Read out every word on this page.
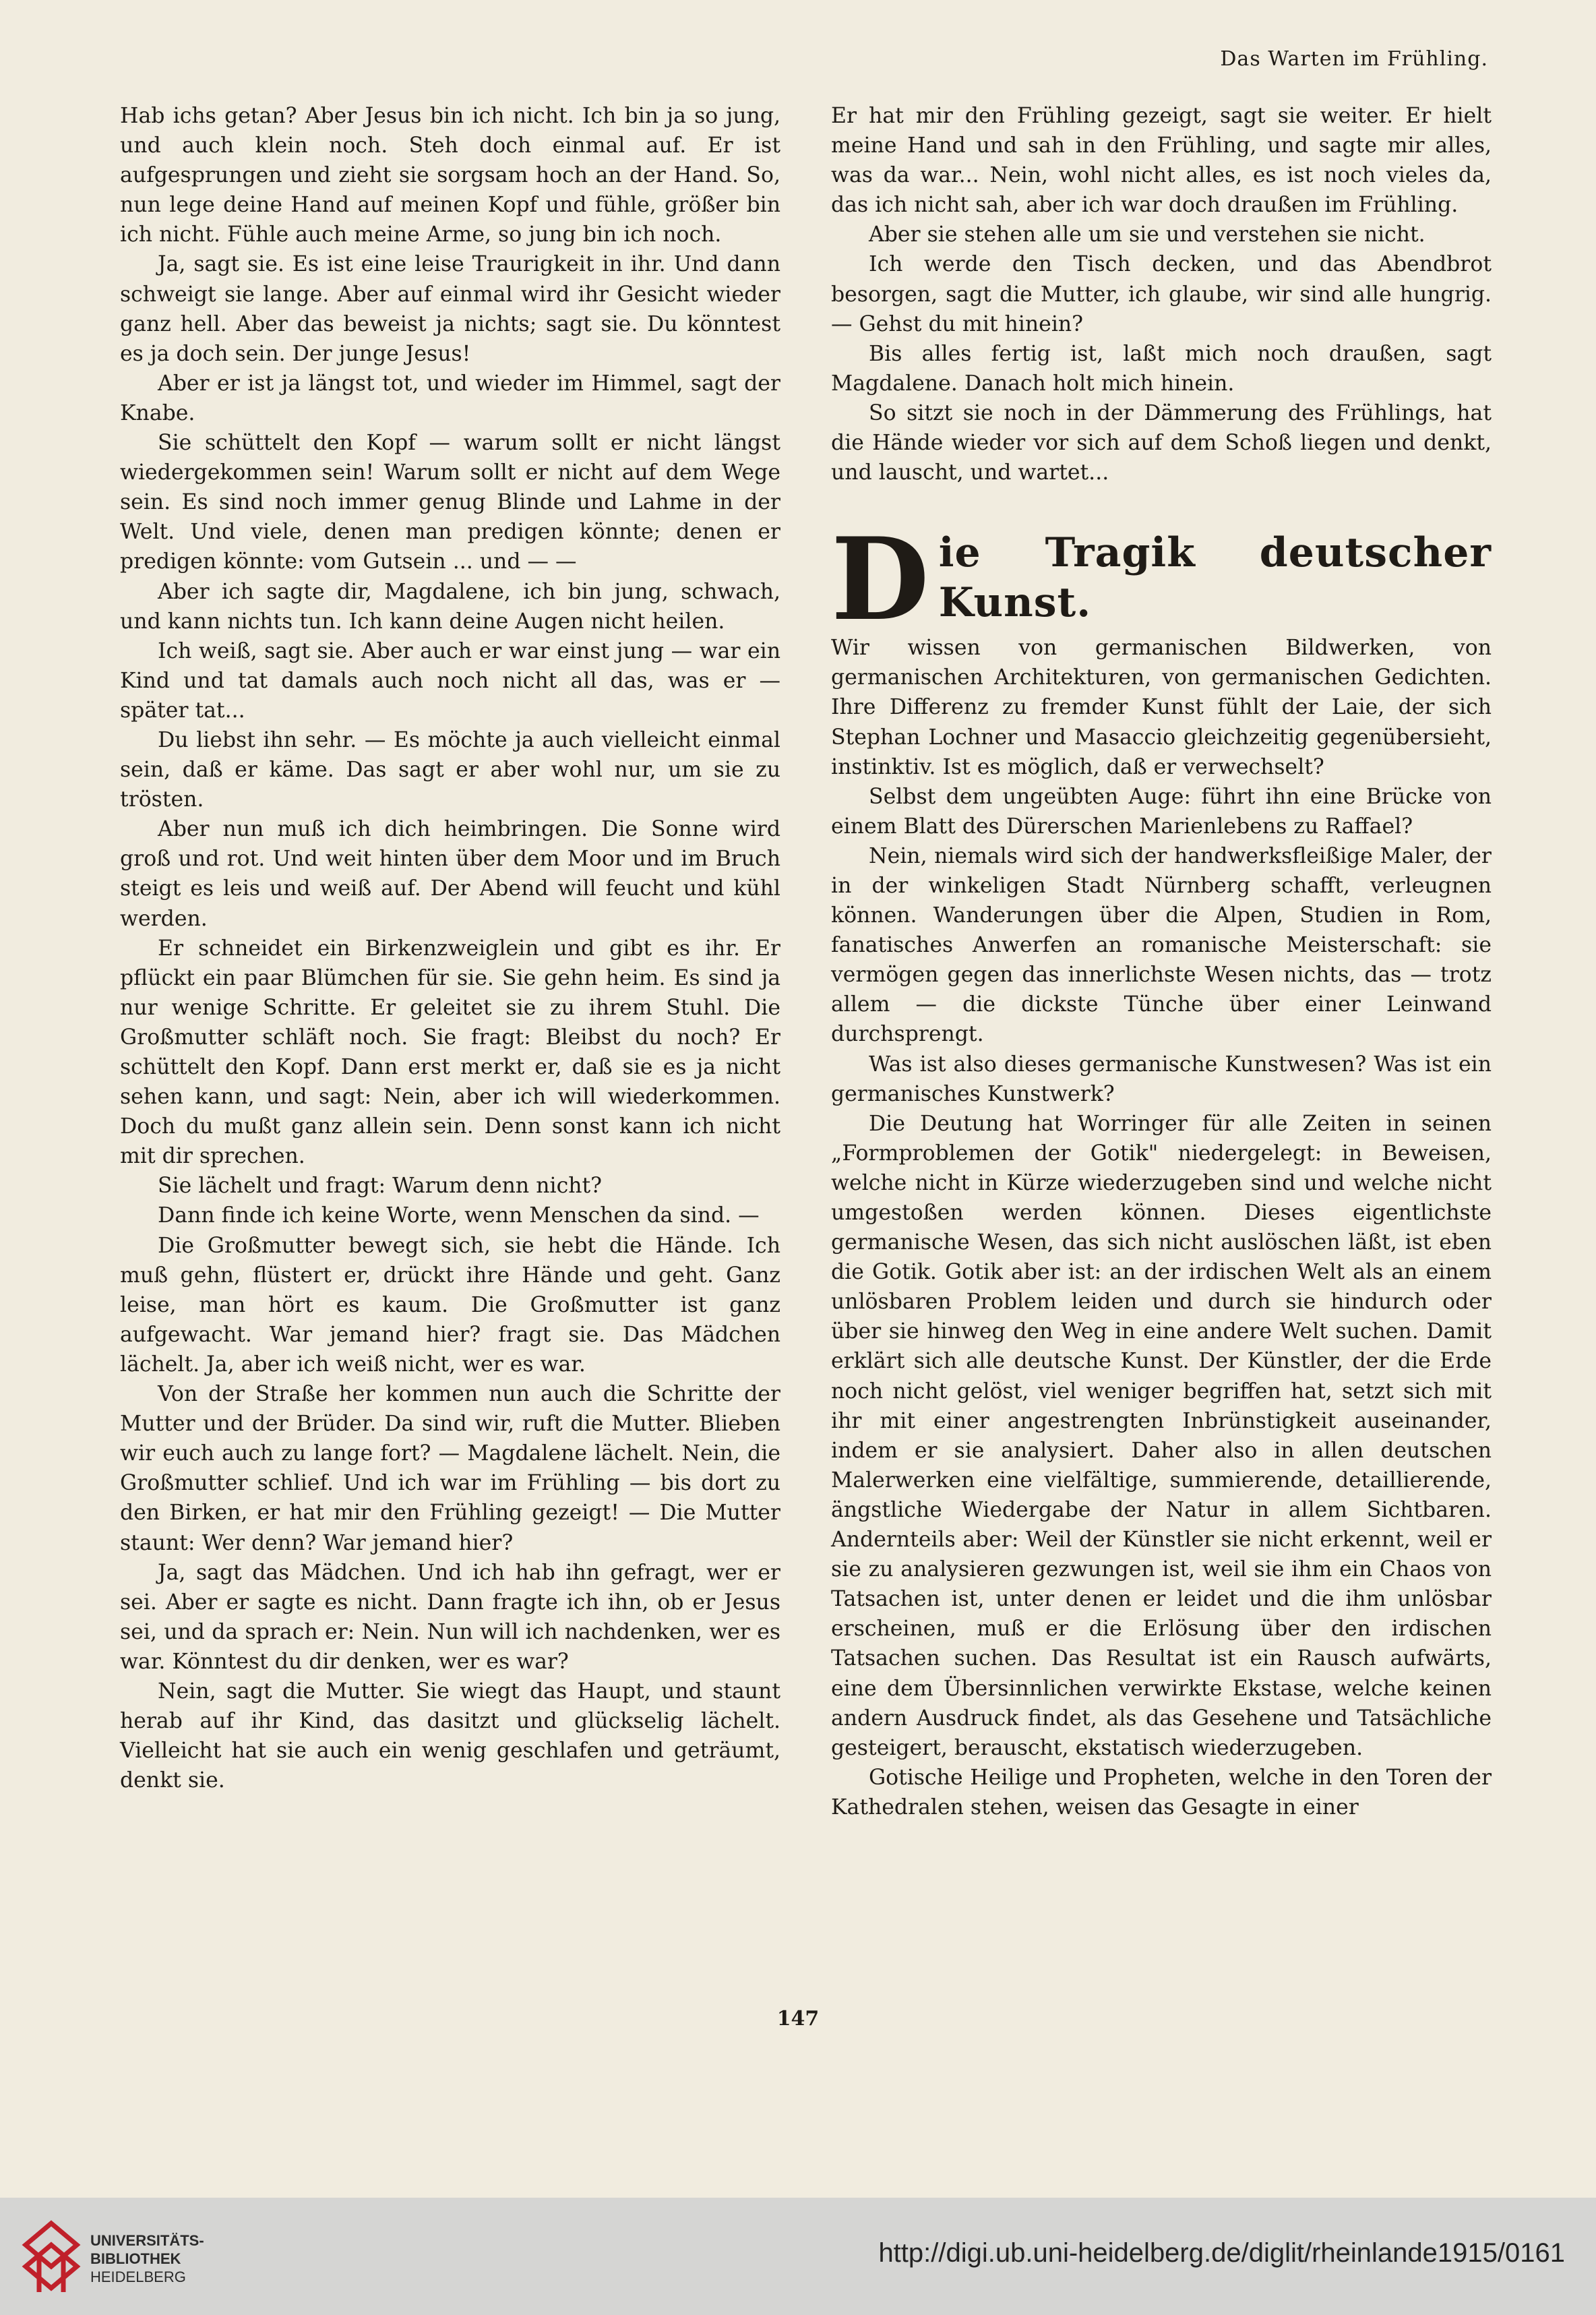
Das Warten im Frühling.

Hab ichs getan? Aber Jesus bin ich nicht. Ich bin ja so jung, und auch klein noch. Steh doch einmal auf. Er ist aufgesprungen und zieht sie sorgsam hoch an der Hand. So, nun lege deine Hand auf meinen Kopf und fühle, größer bin ich nicht. Fühle auch meine Arme, so jung bin ich noch.

Ja, sagt sie. Es ist eine leise Traurigkeit in ihr. Und dann schweigt sie lange. Aber auf einmal wird ihr Gesicht wieder ganz hell. Aber das beweist ja nichts; sagt sie. Du könntest es ja doch sein. Der junge Jesus!

Aber er ist ja längst tot, und wieder im Himmel, sagt der Knabe.

Sie schüttelt den Kopf — warum sollt er nicht längst wiedergekommen sein! Warum sollt er nicht auf dem Wege sein. Es sind noch immer genug Blinde und Lahme in der Welt. Und viele, denen man predigen könnte; denen er predigen könnte: vom Gutsein ... und — —

Aber ich sagte dir, Magdalene, ich bin jung, schwach, und kann nichts tun. Ich kann deine Augen nicht heilen.

Ich weiß, sagt sie. Aber auch er war einst jung — war ein Kind und tat damals auch noch nicht all das, was er — später tat...

Du liebst ihn sehr. — Es möchte ja auch vielleicht einmal sein, daß er käme. Das sagt er aber wohl nur, um sie zu trösten.

Aber nun muß ich dich heimbringen. Die Sonne wird groß und rot. Und weit hinten über dem Moor und im Bruch steigt es leis und weiß auf. Der Abend will feucht und kühl werden.

Er schneidet ein Birkenzweiglein und gibt es ihr. Er pflückt ein paar Blümchen für sie. Sie gehn heim. Es sind ja nur wenige Schritte. Er geleitet sie zu ihrem Stuhl. Die Großmutter schläft noch. Sie fragt: Bleibst du noch? Er schüttelt den Kopf. Dann erst merkt er, daß sie es ja nicht sehen kann, und sagt: Nein, aber ich will wiederkommen. Doch du mußt ganz allein sein. Denn sonst kann ich nicht mit dir sprechen.

Sie lächelt und fragt: Warum denn nicht?

Dann finde ich keine Worte, wenn Menschen da sind. —

Die Großmutter bewegt sich, sie hebt die Hände. Ich muß gehn, flüstert er, drückt ihre Hände und geht. Ganz leise, man hört es kaum. Die Großmutter ist ganz aufgewacht. War jemand hier? fragt sie. Das Mädchen lächelt. Ja, aber ich weiß nicht, wer es war.

Von der Straße her kommen nun auch die Schritte der Mutter und der Brüder. Da sind wir, ruft die Mutter. Blieben wir euch auch zu lange fort? — Magdalene lächelt. Nein, die Großmutter schlief. Und ich war im Frühling — bis dort zu den Birken, er hat mir den Frühling gezeigt! — Die Mutter staunt: Wer denn? War jemand hier?

Ja, sagt das Mädchen. Und ich hab ihn gefragt, wer er sei. Aber er sagte es nicht. Dann fragte ich ihn, ob er Jesus sei, und da sprach er: Nein. Nun will ich nachdenken, wer es war. Könntest du dir denken, wer es war?

Nein, sagt die Mutter. Sie wiegt das Haupt, und staunt herab auf ihr Kind, das dasitzt und glückselig lächelt. Vielleicht hat sie auch ein wenig geschlafen und geträumt, denkt sie.

Er hat mir den Frühling gezeigt, sagt sie weiter. Er hielt meine Hand und sah in den Frühling, und sagte mir alles, was da war... Nein, wohl nicht alles, es ist noch vieles da, das ich nicht sah, aber ich war doch draußen im Frühling.

Aber sie stehen alle um sie und verstehen sie nicht.

Ich werde den Tisch decken, und das Abendbrot besorgen, sagt die Mutter, ich glaube, wir sind alle hungrig. — Gehst du mit hinein?

Bis alles fertig ist, laßt mich noch draußen, sagt Magdalene. Danach holt mich hinein.

So sitzt sie noch in der Dämmerung des Frühlings, hat die Hände wieder vor sich auf dem Schoß liegen und denkt, und lauscht, und wartet...

D ie Tragik deutscher Kunst.

Wir wissen von germanischen Bildwerken, von germanischen Architekturen, von germanischen Gedichten. Ihre Differenz zu fremder Kunst fühlt der Laie, der sich Stephan Lochner und Masaccio gleichzeitig gegenübersieht, instinktiv. Ist es möglich, daß er verwechselt?

Selbst dem ungeübten Auge: führt ihn eine Brücke von einem Blatt des Dürerschen Marienlebens zu Raffael?

Nein, niemals wird sich der handwerksfleißige Maler, der in der winkeligen Stadt Nürnberg schafft, verleugnen können. Wanderungen über die Alpen, Studien in Rom, fanatisches Anwerfen an romanische Meisterschaft: sie vermögen gegen das innerlichste Wesen nichts, das — trotz allem — die dickste Tünche über einer Leinwand durchsprengt.

Was ist also dieses germanische Kunstwesen? Was ist ein germanisches Kunstwerk?

Die Deutung hat Worringer für alle Zeiten in seinen „Formproblemen der Gotik" niedergelegt: in Beweisen, welche nicht in Kürze wiederzugeben sind und welche nicht umgestoßen werden können. Dieses eigentlichste germanische Wesen, das sich nicht auslöschen läßt, ist eben die Gotik. Gotik aber ist: an der irdischen Welt als an einem unlösbaren Problem leiden und durch sie hindurch oder über sie hinweg den Weg in eine andere Welt suchen. Damit erklärt sich alle deutsche Kunst. Der Künstler, der die Erde noch nicht gelöst, viel weniger begriffen hat, setzt sich mit ihr mit einer angestrengten Inbrünstigkeit auseinander, indem er sie analysiert. Daher also in allen deutschen Malerwerken eine vielfältige, summierende, detaillierende, ängstliche Wiedergabe der Natur in allem Sichtbaren. Andernteils aber: Weil der Künstler sie nicht erkennt, weil er sie zu analysieren gezwungen ist, weil sie ihm ein Chaos von Tatsachen ist, unter denen er leidet und die ihm unlösbar erscheinen, muß er die Erlösung über den irdischen Tatsachen suchen. Das Resultat ist ein Rausch aufwärts, eine dem Übersinnlichen verwirkte Ekstase, welche keinen andern Ausdruck findet, als das Gesehene und Tatsächliche gesteigert, berauscht, ekstatisch wiederzugeben.

Gotische Heilige und Propheten, welche in den Toren der Kathedralen stehen, weisen das Gesagte in einer

147
UNIVERSITÄTS-
BIBLIOTHEK
HEIDELBERG
http://digi.ub.uni-heidelberg.de/diglit/rheinlande1915/0161
